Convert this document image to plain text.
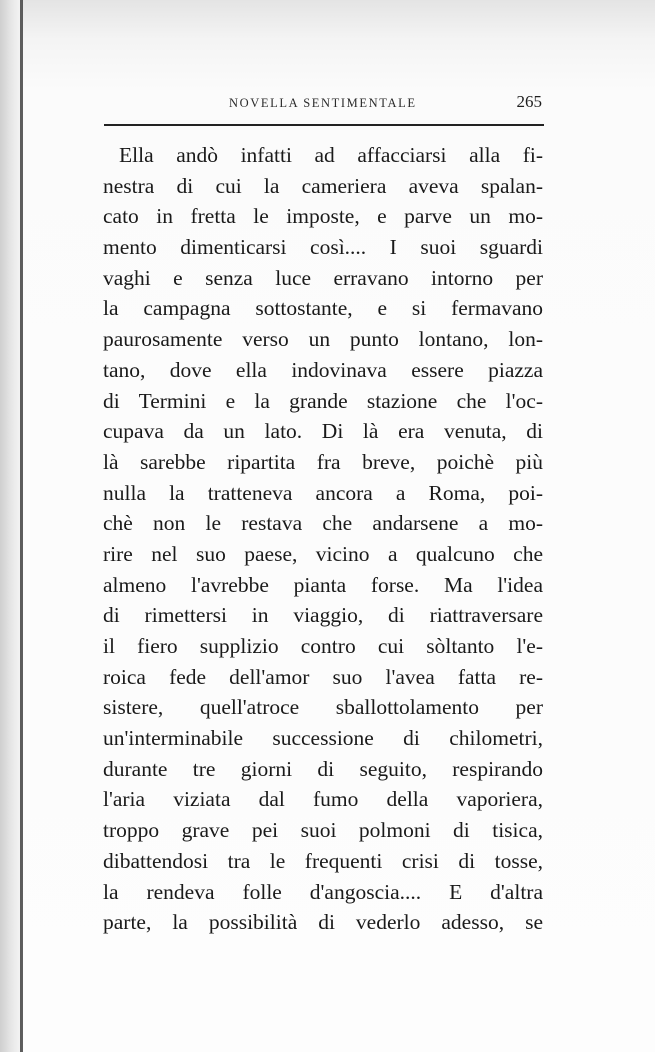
NOVELLA SENTIMENTALE	265
Ella andò infatti ad affacciarsi alla fi-
nestra di cui la cameriera aveva spalan-
cato in fretta le imposte, e parve un mo-
mento dimenticarsi così.... I suoi sguardi
vaghi e senza luce erravano intorno per
la campagna sottostante, e si fermavano
paurosamente verso un punto lontano, lon-
tano, dove ella indovinava essere piazza
di Termini e la grande stazione che l'oc-
cupava da un lato. Di là era venuta, di
là sarebbe ripartita fra breve, poichè più
nulla la tratteneva ancora a Roma, poi-
chè non le restava che andarsene a mo-
rire nel suo paese, vicino a qualcuno che
almeno l'avrebbe pianta forse. Ma l'idea
di rimettersi in viaggio, di riattraversare
il fiero supplizio contro cui sòltanto l'e-
roica fede dell'amor suo l'avea fatta re-
sistere, quell'atroce sballottolamento per
un'interminabile successione di chilometri,
durante tre giorni di seguito, respirando
l'aria viziata dal fumo della vaporiera,
troppo grave pei suoi polmoni di tisica,
dibattendosi tra le frequenti crisi di tosse,
la rendeva folle d'angoscia.... E d'altra
parte, la possibilità di vederlo adesso, se
